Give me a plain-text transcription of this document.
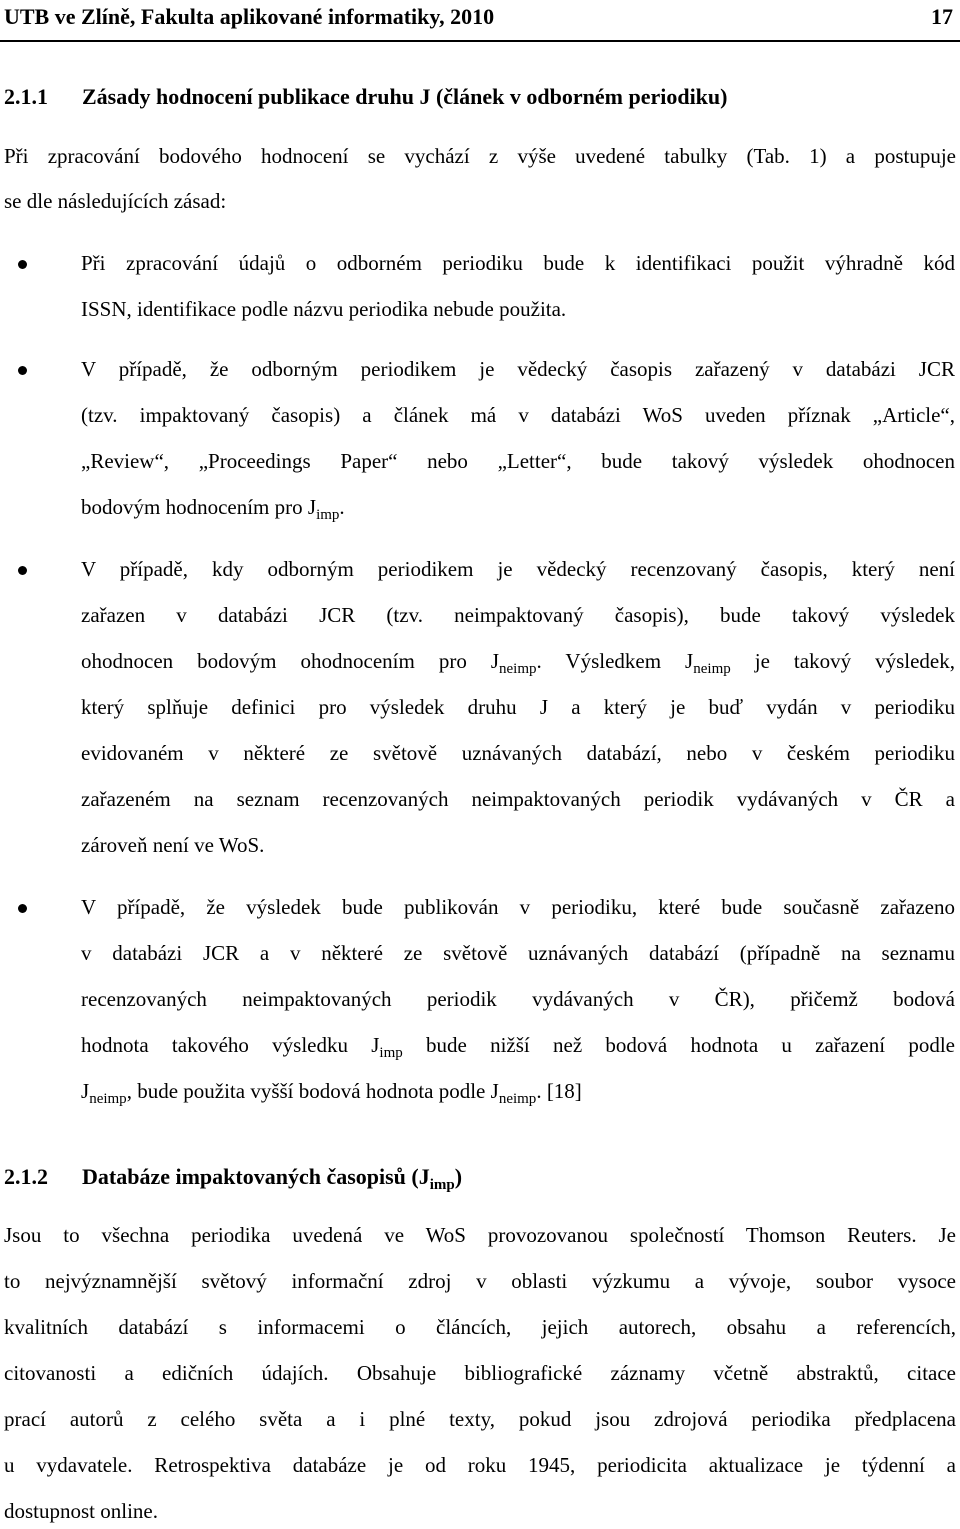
UTB ve Zlíně, Fakulta aplikované informatiky, 2010	17
2.1.1 Zásady hodnocení publikace druhu J (článek v odborném periodiku)
Při zpracování bodového hodnocení se vychází z výše uvedené tabulky (Tab. 1) a postupuje
se dle následujících zásad:
Při zpracování údajů o odborném periodiku bude k identifikaci použit výhradně kód
ISSN, identifikace podle názvu periodika nebude použita.
V případě, že odborným periodikem je vědecký časopis zařazený v databázi JCR
(tzv. impaktovaný časopis) a článek má v databázi WoS uveden příznak „Article“,
„Review“, „Proceedings Paper“ nebo „Letter“, bude takový výsledek ohodnocen
bodovým hodnocením pro $J_{imp}$.
V případě, kdy odborným periodikem je vědecký recenzovaný časopis, který není
zařazen v databázi JCR (tzv. neimpaktovaný časopis), bude takový výsledek
ohodnocen bodovým ohodnocením pro $J_{neimp}$. Výsledkem $J_{neimp}$ je takový výsledek,
který splňuje definici pro výsledek druhu J a který je buď vydán v periodiku
evidovaném v některé ze světově uznávaných databází, nebo v českém periodiku
zařazeném na seznam recenzovaných neimpaktovaných periodik vydávaných v ČR a
zároveň není ve WoS.
V případě, že výsledek bude publikován v periodiku, které bude současně zařazeno
v databázi JCR a v některé ze světově uznávaných databází (případně na seznamu
recenzovaných neimpaktovaných periodik vydávaných v ČR), přičemž bodová
hodnota takového výsledku $J_{imp}$ bude nižší než bodová hodnota u zařazení podle
$J_{neimp}$, bude použita vyšší bodová hodnota podle $J_{neimp}$. [18]
2.1.2 Databáze impaktovaných časopisů $(J_{imp})$
Jsou to všechna periodika uvedená ve WoS provozovanou společností Thomson Reuters. Je
to nejvýznamnější světový informační zdroj v oblasti výzkumu a vývoje, soubor vysoce
kvalitních databází s informacemi o článcích, jejich autorech, obsahu a referencích,
citovanosti a edičních údajích. Obsahuje bibliografické záznamy včetně abstraktů, citace
prací autorů z celého světa a i plné texty, pokud jsou zdrojová periodika předplacena
u vydavatele. Retrospektiva databáze je od roku 1945, periodicita aktualizace je týdenní a
dostupnost online.
